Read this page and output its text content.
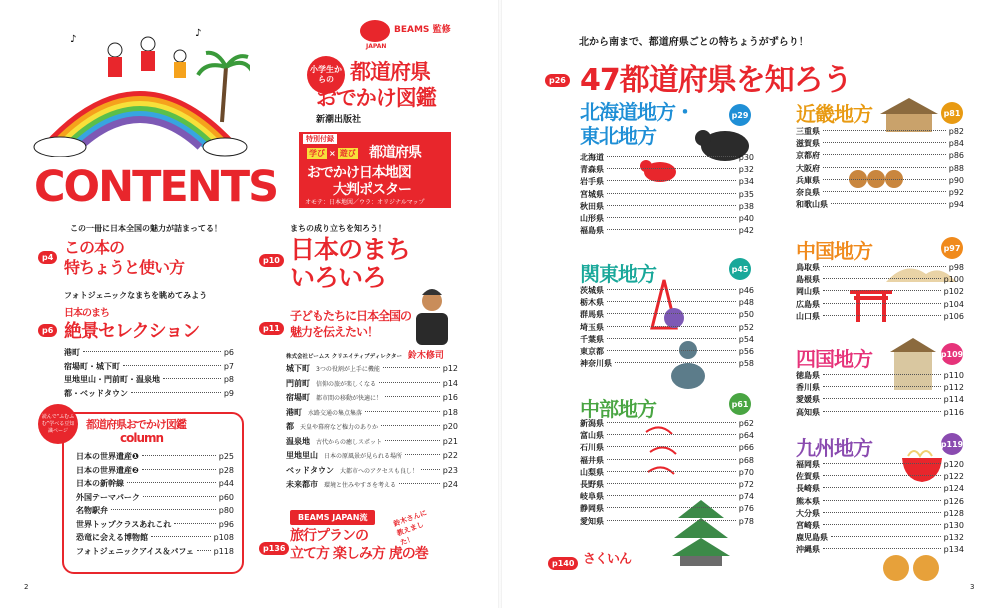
♪
♪
CONTENTS
BEAMS 監修
JAPAN
小学生からの 都道府県
おでかけ図鑑
新潮出版社
特別付録
学び × 遊び 都道府県
おでかけ日本地図
大判ポスター
オモテ：日本地図／ウラ：オリジナルマップ
この一冊に日本全国の魅力が詰まってる！
p4
この本の
特ちょうと使い方
フォトジェニックなまちを眺めてみよう
p6
日本のまち
絶景セレクション
港町	p6
宿場町・城下町	p7
里地里山・門前町・温泉地	p8
都・ベッドタウン	p9
読んで“ふむふむ”学べる豆知識ページ	都道府県おでかけ図鑑
column
日本の世界遺産❶	p25
日本の世界遺産❷	p28
日本の新幹線	p44
外国テーマパーク	p60
名物駅弁	p80
世界トップクラスあれこれ	p96
恐竜に会える博物館	p108
フォトジェニックアイス＆パフェ p118
まちの成り立ちを知ろう！
p10 日本のまち
いろいろ
p11
子どもたちに日本全国の
魅力を伝えたい！
株式会社ビームス クリエイティブディレクター 鈴木修司
城下町 3つの役割が上手に機能	p12
門前町 信仰の旅が楽しくなる	p14
宿場町 都市間の移動が快適に！	p16
港町 水路交通の集点集落	p18
都 天皇や幕府など権力のありか	p20
温泉地 古代からの癒しスポット	p21
里地里山 日本の原風景が見られる場所	p22
ベッドタウン 大都市へのアクセスも良し！	p23
未来都市 環境と住みやすさを考える	p24
BEAMS JAPAN流
p136
旅行プランの
立て方 楽しみ方 虎の巻
鈴木さんに教えました！
2
北から南まで、都道府県ごとの特ちょうがずらり！
p26 47都道府県を知ろう
北海道地方・
東北地方
p29
北海道	p30
青森県	p32
岩手県	p34
宮城県	p35
秋田県	p38
山形県	p40
福島県	p42
関東地方	p45
茨城県	p46
栃木県	p48
群馬県	p50
埼玉県	p52
千葉県	p54
東京都	p56
神奈川県	p58
中部地方	p61
新潟県	p62
富山県	p64
石川県	p66
福井県	p68
山梨県	p70
長野県	p72
岐阜県	p74
静岡県	p76
愛知県	p78
p140 さくいん
近畿地方	p81
三重県	p82
滋賀県	p84
京都府	p86
大阪府	p88
兵庫県	p90
奈良県	p92
和歌山県	p94
中国地方	p97
鳥取県	p98
島根県	p100
岡山県	p102
広島県	p104
山口県	p106
四国地方	p109
徳島県	p110
香川県	p112
愛媛県	p114
高知県	p116
九州地方	p119
福岡県	p120
佐賀県	p122
長崎県	p124
熊本県	p126
大分県	p128
宮崎県	p130
鹿児島県	p132
沖縄県	p134
3
